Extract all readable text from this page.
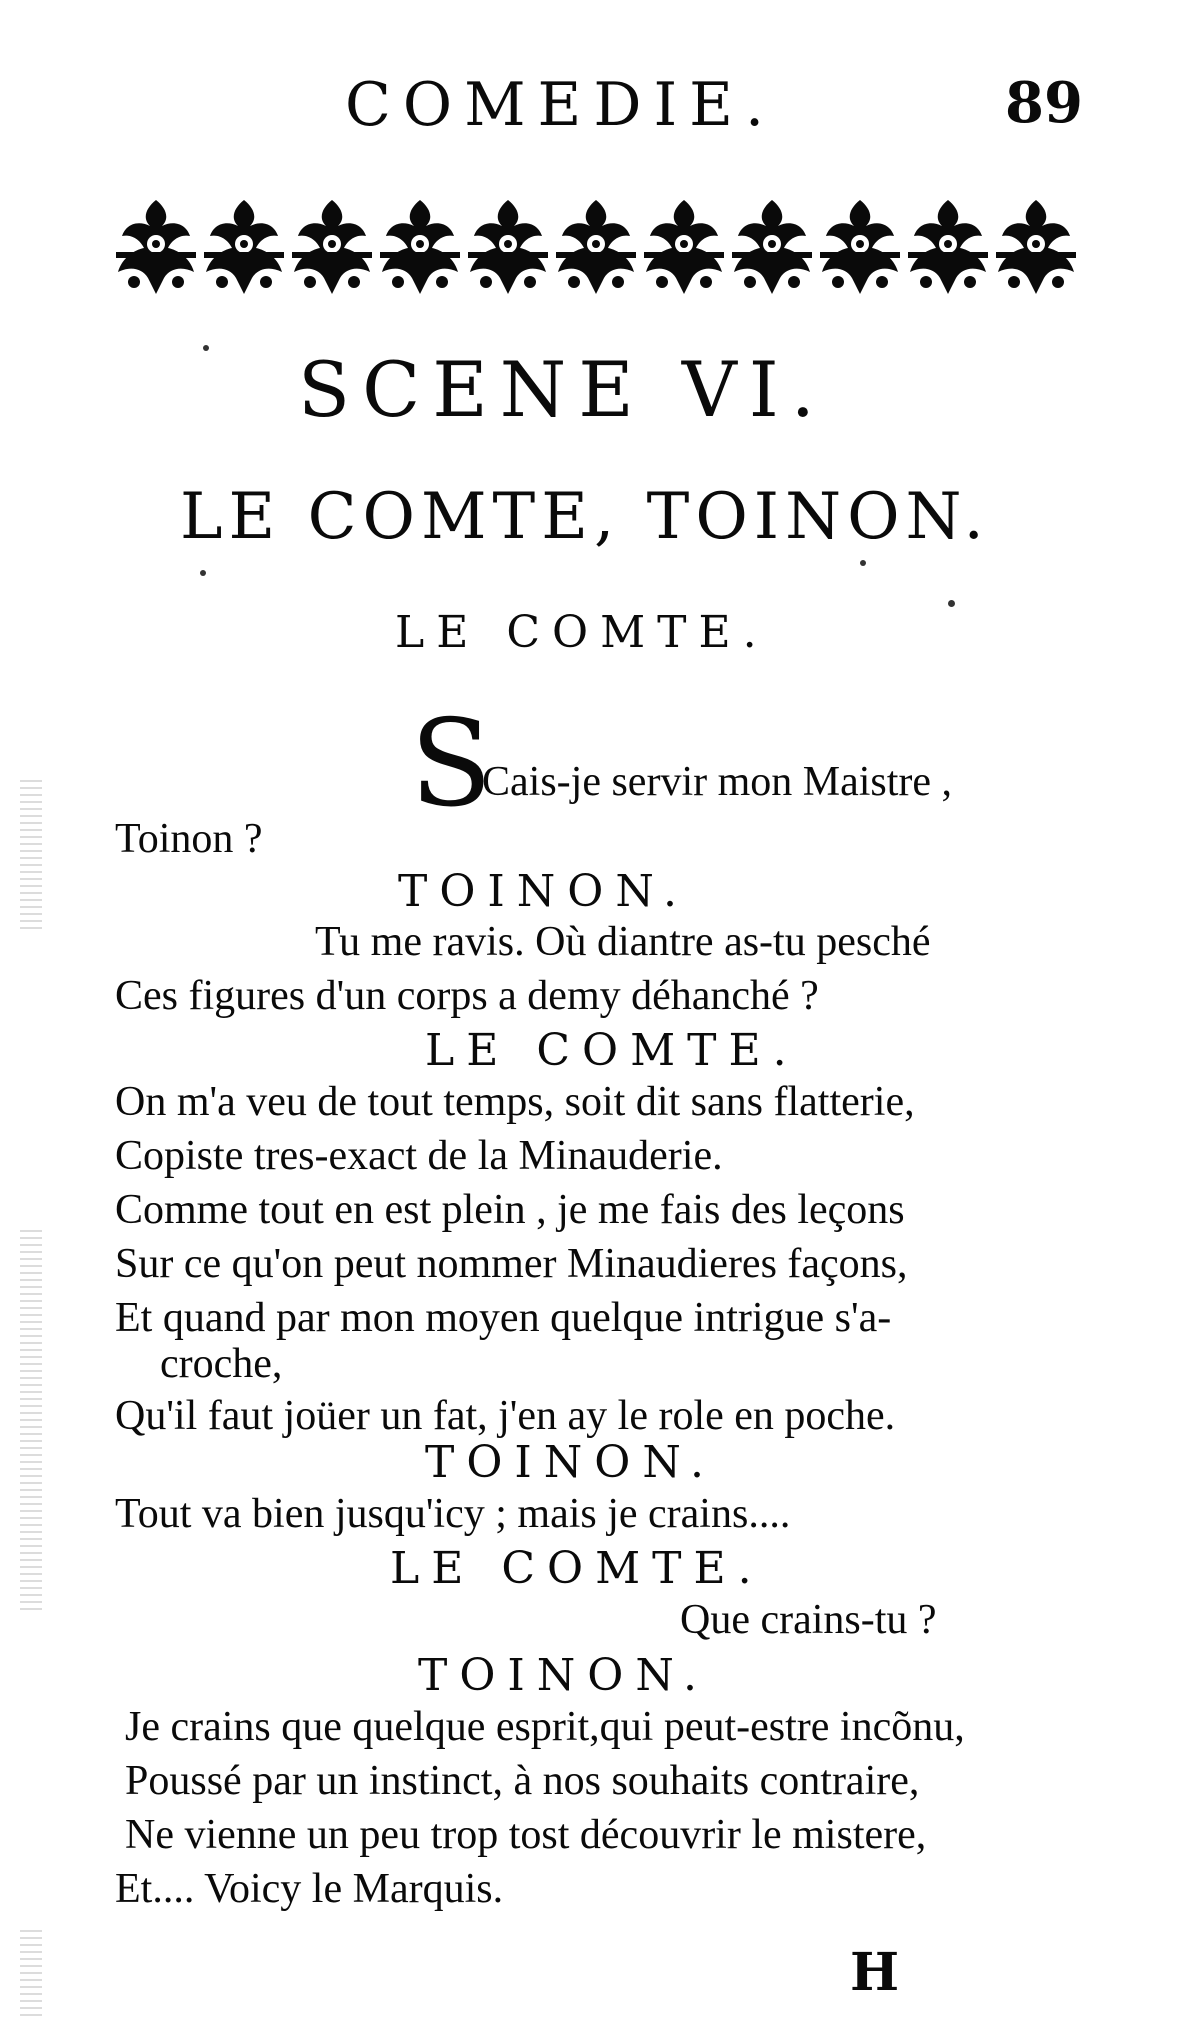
COMEDIE.	89
SCENE VI.
LE COMTE, TOINON.
LE COMTE.
S
Cais-je servir mon Maistre ,
Toinon ?
TOINON.
Tu me ravis. Où diantre as-tu pesché
Ces figures d'un corps a demy déhanché ?
LE COMTE.
On m'a veu de tout temps, soit dit sans flatterie,
Copiste tres-exact de la Minauderie.
Comme tout en est plein , je me fais des leçons
Sur ce qu'on peut nommer Minaudieres façons,
Et quand par mon moyen quelque intrigue s'a-
croche,
Qu'il faut joüer un fat, j'en ay le role en poche.
TOINON.
Tout va bien jusqu'icy ; mais je crains....
LE COMTE.
Que crains-tu ?
TOINON.
Je crains que quelque esprit,qui peut-estre incõnu,
Poussé par un instinct, à nos souhaits contraire,
Ne vienne un peu trop tost découvrir le mistere,
Et.... Voicy le Marquis.
H
